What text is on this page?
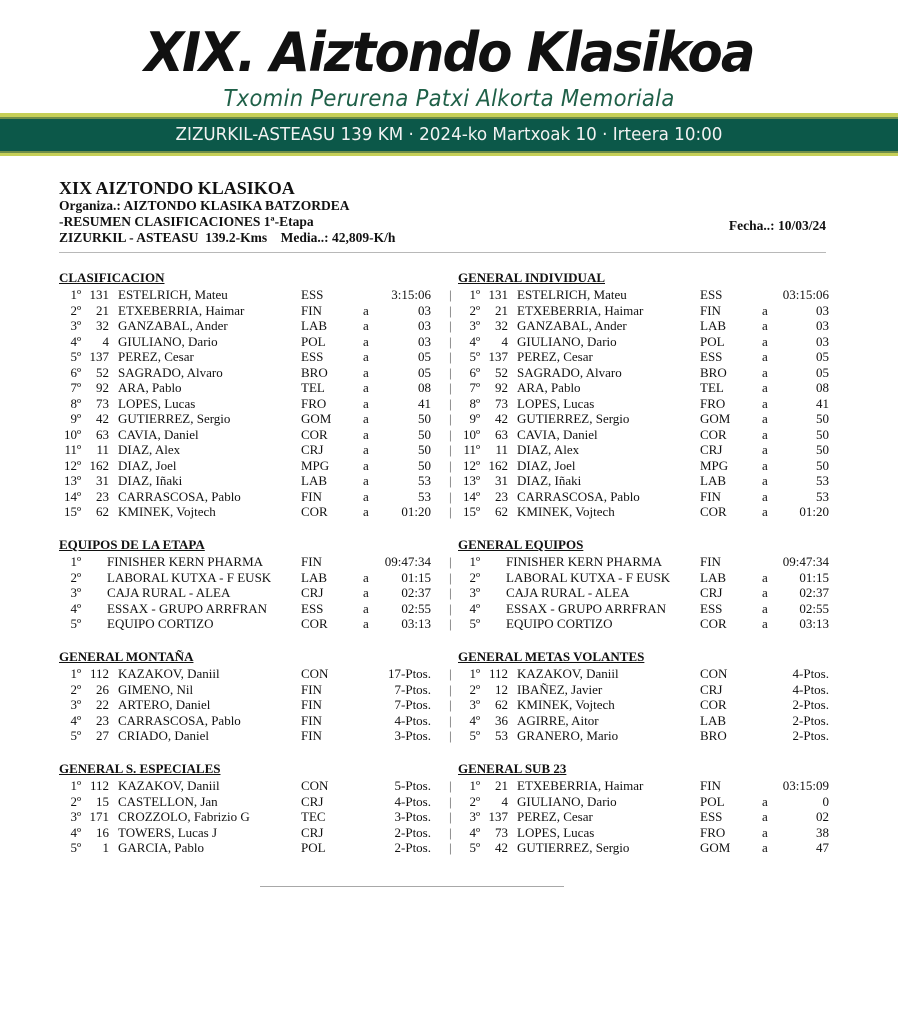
XIX. Aiztondo Klasikoa
Txomin Perurena Patxi Alkorta Memoriala
ZIZURKIL-ASTEASU 139 KM · 2024-ko Martxoak 10 · Irteera 10:00
XIX AIZTONDO KLASIKOA
Organiza.: AIZTONDO KLASIKA BATZORDEA
-RESUMEN CLASIFICACIONES 1ª-Etapa
ZIZURKIL - ASTEASU  139.2-Kms    Media..: 42,809-K/h
Fecha..: 10/03/24
CLASIFICACION
1º 131 ESTELRICH, Mateu	ESS	3:15:06
2º	21 ETXEBERRIA, Haimar	FIN	a	03
3º	32 GANZABAL, Ander	LAB	a	03
4º	4 GIULIANO, Dario	POL	a	03
5º 137 PEREZ, Cesar	ESS	a	05
6º	52 SAGRADO, Alvaro	BRO	a	05
7º	92 ARA, Pablo	TEL	a	08
8º	73 LOPES, Lucas	FRO	a	41
9º	42 GUTIERREZ, Sergio	GOM a	50
10º	63 CAVIA, Daniel	COR	a	50
11º	11 DIAZ, Alex	CRJ	a	50
12º 162 DIAZ, Joel	MPG	a	50
13º	31 DIAZ, Iñaki	LAB	a	53
14º	23 CARRASCOSA, Pablo	FIN	a	53
15º	62 KMINEK, Vojtech	COR	a	01:20
GENERAL INDIVIDUAL
|	1º 131 ESTELRICH, Mateu	ESS	03:15:06
|	2º	21 ETXEBERRIA, Haimar	FIN	a	03
|	3º	32 GANZABAL, Ander	LAB	a	03
|	4º	4 GIULIANO, Dario	POL	a	03
|	5º 137 PEREZ, Cesar	ESS	a	05
|	6º	52 SAGRADO, Alvaro	BRO	a	05
|	7º	92 ARA, Pablo	TEL	a	08
|	8º	73 LOPES, Lucas	FRO	a	41
|	9º	42 GUTIERREZ, Sergio	GOM a	50
| 10º	63 CAVIA, Daniel	COR	a	50
| 11º	11 DIAZ, Alex	CRJ	a	50
| 12º 162 DIAZ, Joel	MPG	a	50
| 13º	31 DIAZ, Iñaki	LAB	a	53
| 14º	23 CARRASCOSA, Pablo	FIN	a	53
| 15º	62 KMINEK, Vojtech	COR	a 01:20
EQUIPOS DE LA ETAPA
1º FINISHER KERN PHARMA	FIN	09:47:34
2º LABORAL KUTXA - F EUSK LAB	a	01:15
3º CAJA RURAL - ALEA	CRJ	a	02:37
4º ESSAX - GRUPO ARRFRAN	ESS	a	02:55
5º EQUIPO CORTIZO	COR	a	03:13
GENERAL EQUIPOS
|	1º FINISHER KERN PHARMA	FIN	09:47:34
|	2º LABORAL KUTXA - F EUSK LAB	a 01:15
|	3º CAJA RURAL - ALEA	CRJ	a 02:37
|	4º ESSAX - GRUPO ARRFRAN	ESS	a 02:55
|	5º EQUIPO CORTIZO	COR	a 03:13
GENERAL MONTAÑA
1º 112 KAZAKOV, Daniil	CON	17-Ptos.
2º	26 GIMENO, Nil	FIN	7-Ptos.
3º	22 ARTERO, Daniel	FIN	7-Ptos.
4º	23 CARRASCOSA, Pablo	FIN	4-Ptos.
5º	27 CRIADO, Daniel	FIN	3-Ptos.
GENERAL METAS VOLANTES
|	1º 112 KAZAKOV, Daniil	CON	4-Ptos.
|	2º	12 IBAÑEZ, Javier	CRJ	4-Ptos.
|	3º	62 KMINEK, Vojtech	COR	2-Ptos.
|	4º	36 AGIRRE, Aitor	LAB	2-Ptos.
|	5º	53 GRANERO, Mario	BRO	2-Ptos.
GENERAL S. ESPECIALES
1º 112 KAZAKOV, Daniil	CON	5-Ptos.
2º	15 CASTELLON, Jan	CRJ	4-Ptos.
3º 171 CROZZOLO, Fabrizio G	TEC	3-Ptos.
4º	16 TOWERS, Lucas J	CRJ	2-Ptos.
5º	1 GARCIA, Pablo	POL	2-Ptos.
GENERAL SUB 23
|	1º	21 ETXEBERRIA, Haimar	FIN	03:15:09
|	2º	4 GIULIANO, Dario	POL	a	0
|	3º 137 PEREZ, Cesar	ESS	a	02
|	4º	73 LOPES, Lucas	FRO	a	38
|	5º	42 GUTIERREZ, Sergio	GOM a	47
